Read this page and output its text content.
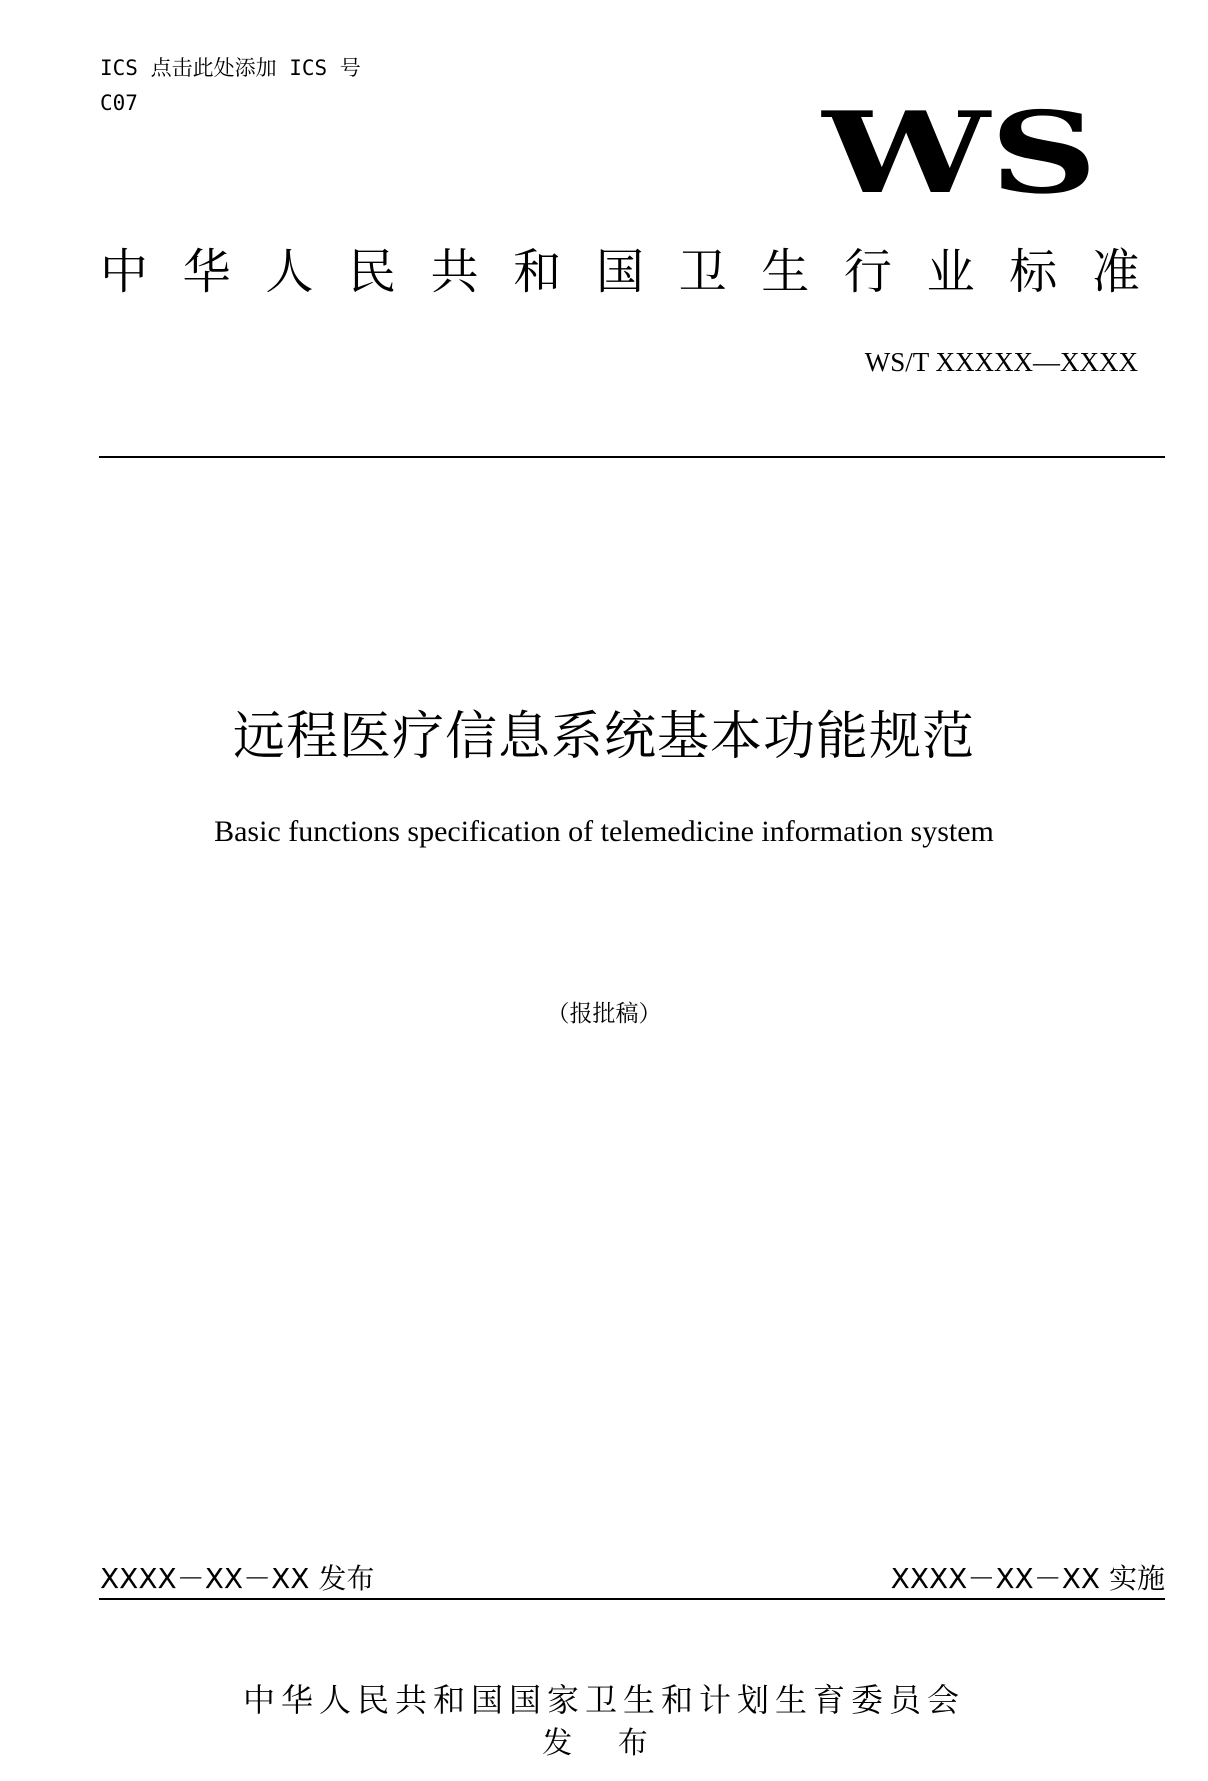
ICS 点击此处添加 ICS 号
C07	WS
中 华 人 民 共 和 国 卫 生 行 业 标 准
WS/T XXXXX—XXXX
远程医疗信息系统基本功能规范
Basic functions specification of telemedicine information system
（报批稿）
XXXX－XX－XX 发布	XXXX－XX－XX 实施
中华人民共和国国家卫生和计划生育委员会
发 布
